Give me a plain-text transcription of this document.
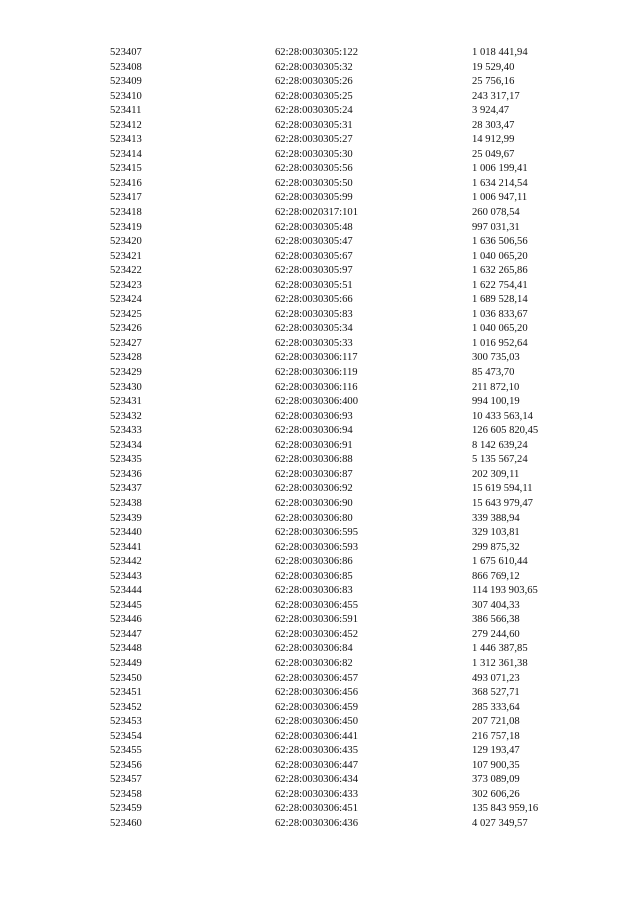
523407	62:28:0030305:122	1 018 441,94
523408	62:28:0030305:32	19 529,40
523409	62:28:0030305:26	25 756,16
523410	62:28:0030305:25	243 317,17
523411	62:28:0030305:24	3 924,47
523412	62:28:0030305:31	28 303,47
523413	62:28:0030305:27	14 912,99
523414	62:28:0030305:30	25 049,67
523415	62:28:0030305:56	1 006 199,41
523416	62:28:0030305:50	1 634 214,54
523417	62:28:0030305:99	1 006 947,11
523418	62:28:0020317:101	260 078,54
523419	62:28:0030305:48	997 031,31
523420	62:28:0030305:47	1 636 506,56
523421	62:28:0030305:67	1 040 065,20
523422	62:28:0030305:97	1 632 265,86
523423	62:28:0030305:51	1 622 754,41
523424	62:28:0030305:66	1 689 528,14
523425	62:28:0030305:83	1 036 833,67
523426	62:28:0030305:34	1 040 065,20
523427	62:28:0030305:33	1 016 952,64
523428	62:28:0030306:117	300 735,03
523429	62:28:0030306:119	85 473,70
523430	62:28:0030306:116	211 872,10
523431	62:28:0030306:400	994 100,19
523432	62:28:0030306:93	10 433 563,14
523433	62:28:0030306:94	126 605 820,45
523434	62:28:0030306:91	8 142 639,24
523435	62:28:0030306:88	5 135 567,24
523436	62:28:0030306:87	202 309,11
523437	62:28:0030306:92	15 619 594,11
523438	62:28:0030306:90	15 643 979,47
523439	62:28:0030306:80	339 388,94
523440	62:28:0030306:595	329 103,81
523441	62:28:0030306:593	299 875,32
523442	62:28:0030306:86	1 675 610,44
523443	62:28:0030306:85	866 769,12
523444	62:28:0030306:83	114 193 903,65
523445	62:28:0030306:455	307 404,33
523446	62:28:0030306:591	386 566,38
523447	62:28:0030306:452	279 244,60
523448	62:28:0030306:84	1 446 387,85
523449	62:28:0030306:82	1 312 361,38
523450	62:28:0030306:457	493 071,23
523451	62:28:0030306:456	368 527,71
523452	62:28:0030306:459	285 333,64
523453	62:28:0030306:450	207 721,08
523454	62:28:0030306:441	216 757,18
523455	62:28:0030306:435	129 193,47
523456	62:28:0030306:447	107 900,35
523457	62:28:0030306:434	373 089,09
523458	62:28:0030306:433	302 606,26
523459	62:28:0030306:451	135 843 959,16
523460	62:28:0030306:436	4 027 349,57
